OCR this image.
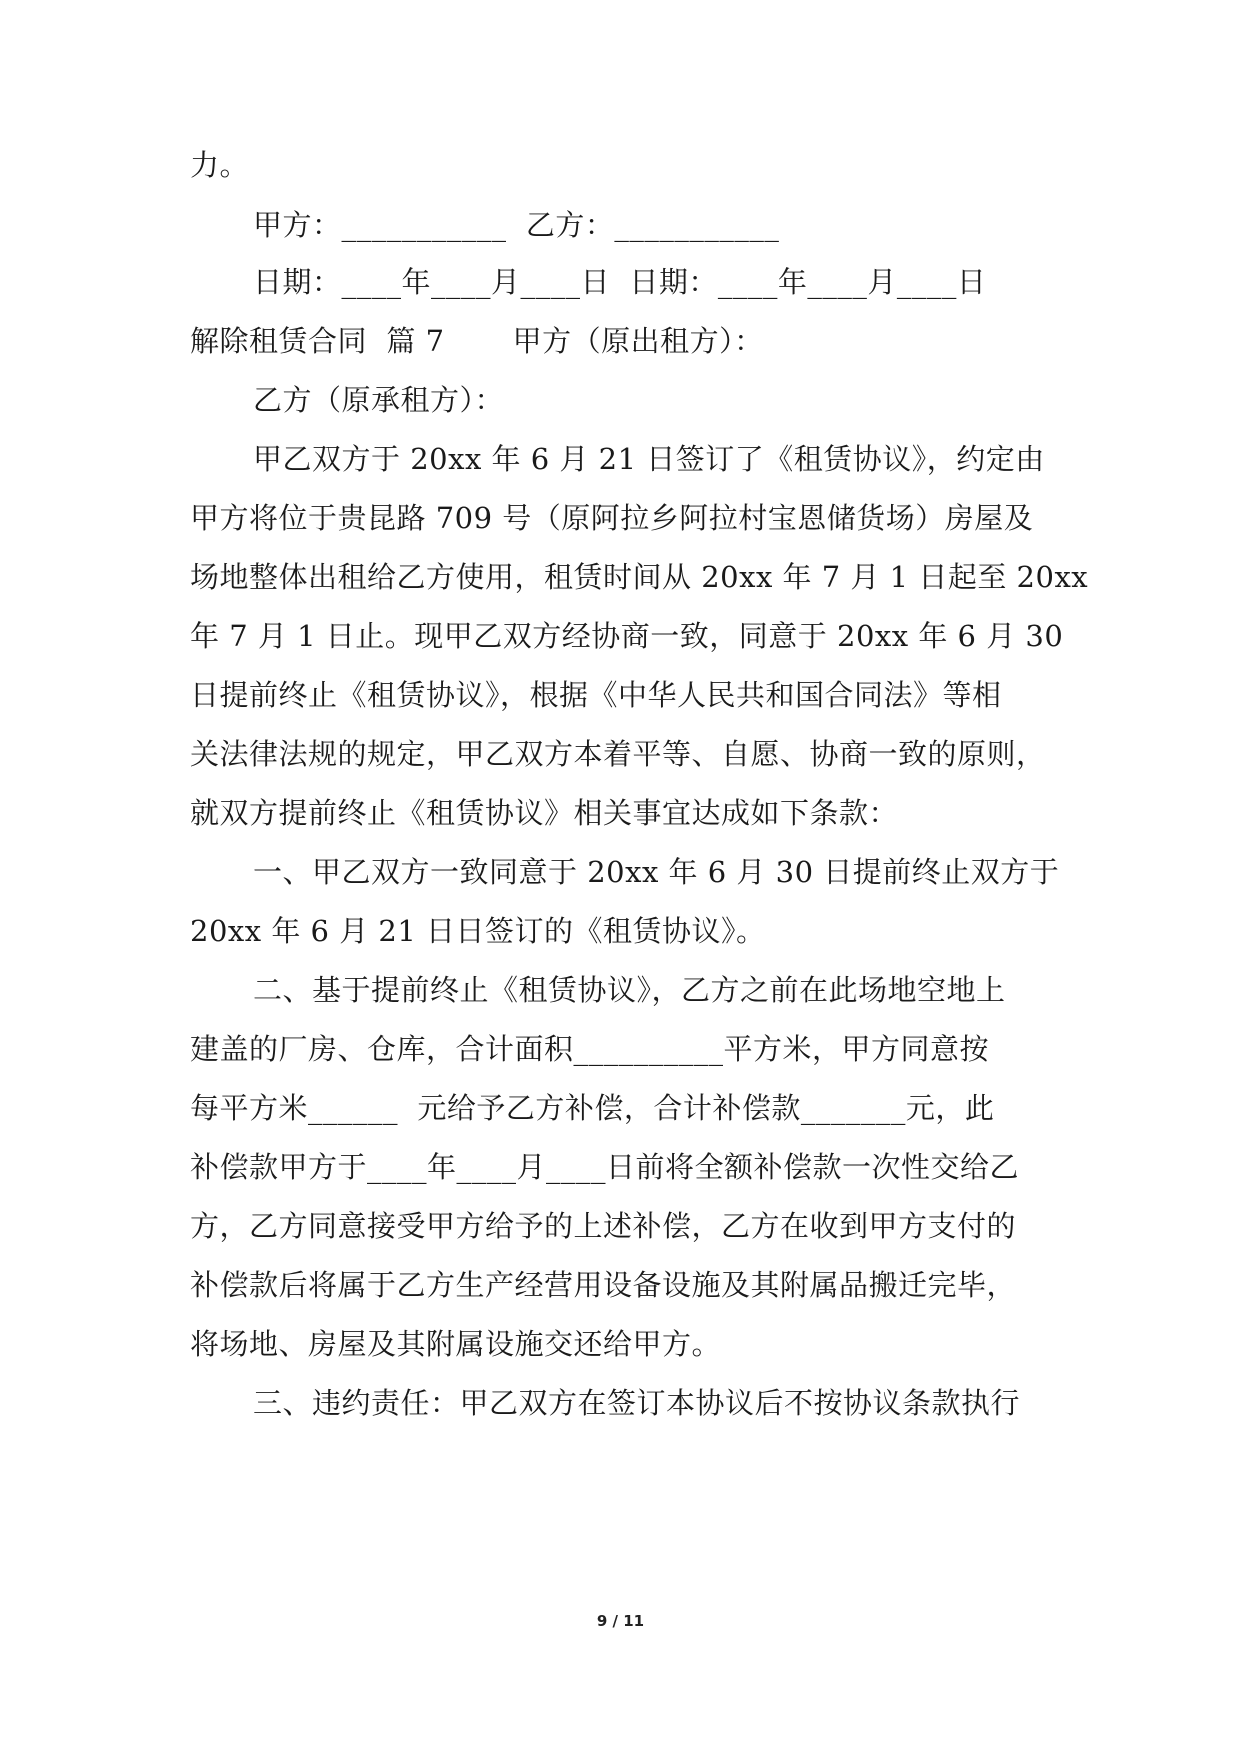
力。
甲方：___________  乙方：___________
日期：____年____月____日  日期：____年____月____日
解除租赁合同  篇 7       甲方（原出租方）：
乙方（原承租方）：
甲乙双方于 20xx 年 6 月 21 日签订了《租赁协议》，约定由
甲方将位于贵昆路 709 号（原阿拉乡阿拉村宝恩储货场）房屋及
场地整体出租给乙方使用，租赁时间从 20xx 年 7 月 1 日起至 20xx
年 7 月 1 日止。现甲乙双方经协商一致，同意于 20xx 年 6 月 30
日提前终止《租赁协议》，根据《中华人民共和国合同法》等相
关法律法规的规定，甲乙双方本着平等、自愿、协商一致的原则，
就双方提前终止《租赁协议》相关事宜达成如下条款：
一、甲乙双方一致同意于 20xx 年 6 月 30 日提前终止双方于
20xx 年 6 月 21 日日签订的《租赁协议》。
二、基于提前终止《租赁协议》，乙方之前在此场地空地上
建盖的厂房、仓库，合计面积__________平方米，甲方同意按
每平方米______  元给予乙方补偿，合计补偿款_______元，此
补偿款甲方于____年____月____日前将全额补偿款一次性交给乙
方，乙方同意接受甲方给予的上述补偿，乙方在收到甲方支付的
补偿款后将属于乙方生产经营用设备设施及其附属品搬迁完毕，
将场地、房屋及其附属设施交还给甲方。
三、违约责任：甲乙双方在签订本协议后不按协议条款执行
9 / 11
